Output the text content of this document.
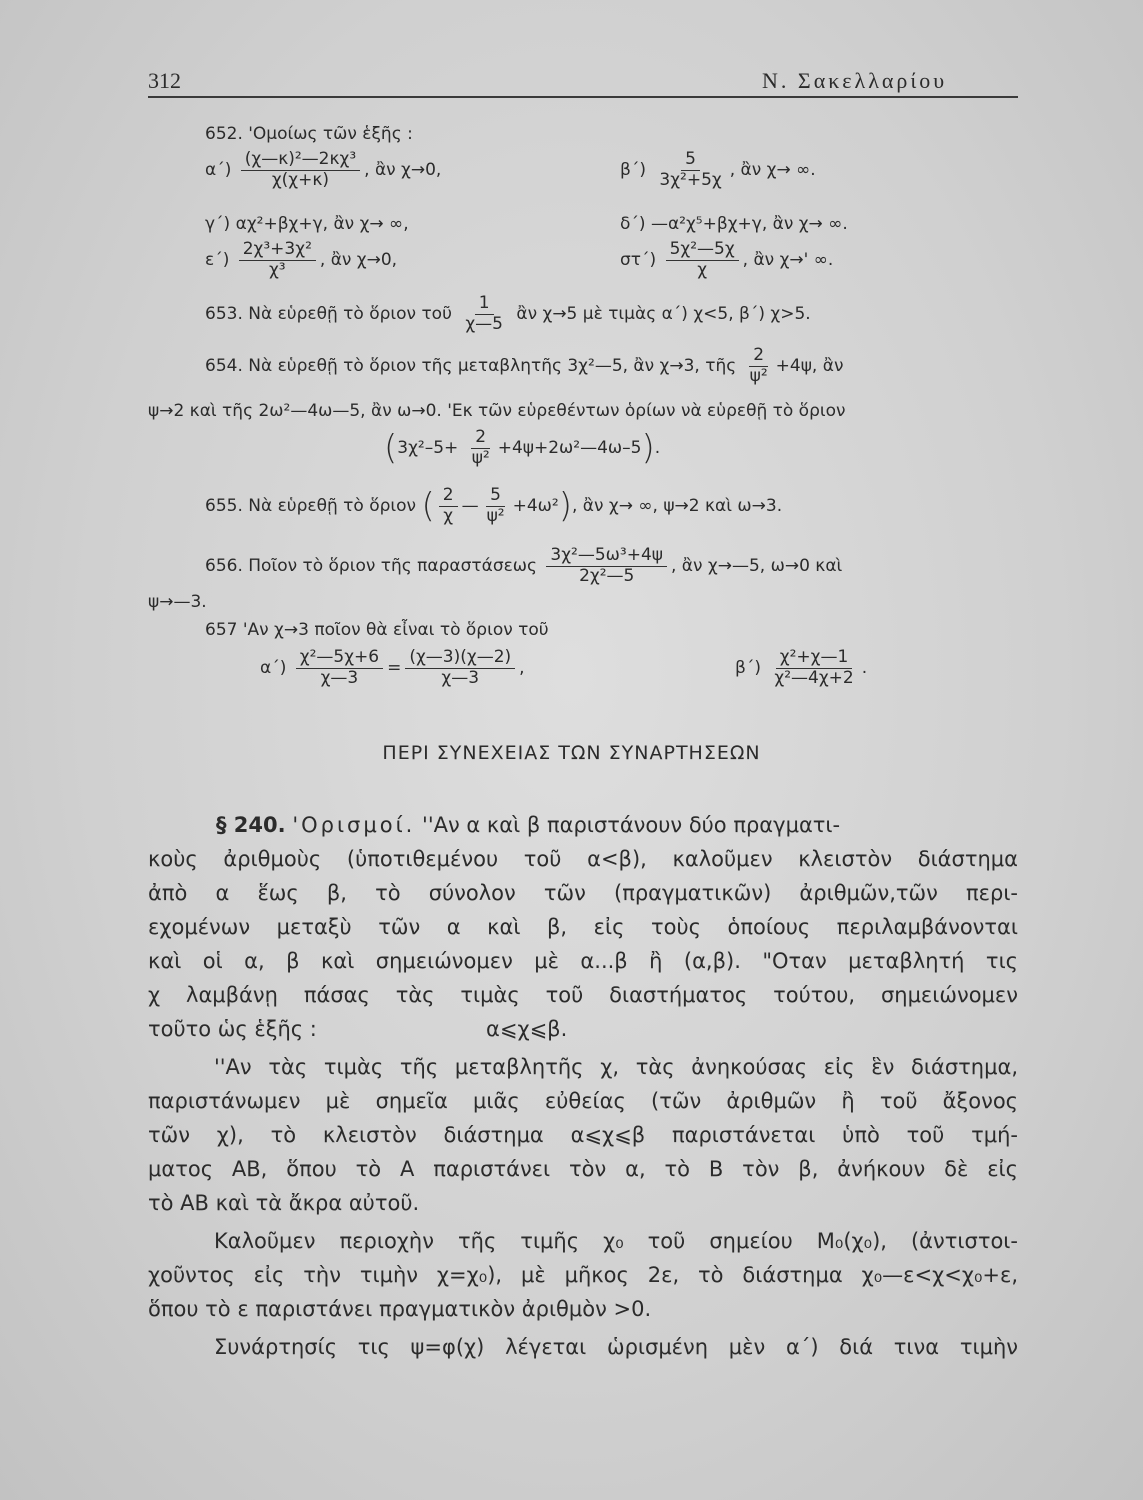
312	Ν. Σακελλαρίου
652. 'Ομοίως τῶν ἑξῆς :
$\alpha΄) \frac{\text{(χ—κ)²—2κχ³}}{\chi(\chi+\kappa)}$ , ἂν χ→0,	$\beta΄) \frac{5}{\text{3χ²+5χ}}$ , ἂν χ→ ∞.
γ΄) αχ²+βχ+γ, ἂν χ→ ∞,	δ΄) —α²χ⁵+βχ+γ, ἂν χ→ ∞.
$\varepsilon΄) \frac{\text{2χ³+3χ²}}{\text{χ³}}$ , ἂν χ→0,	$\sigma\tau΄) \frac{\text{5χ²—5χ}}{\chi}$ , ἂν χ→' ∞.
653. Νὰ εὑρεθῇ τὸ ὅριον τοῦ $\frac{1}{\chi—5}$ ἂν χ→5 μὲ τιμὰς α΄) χ<5, β΄) χ>5.
654. Νὰ εὑρεθῇ τὸ ὅριον τῆς μεταβλητῆς 3χ²—5, ἂν χ→3, τῆς $\frac{2}{\text{ψ²}} +4\psi$, ἂν
ψ→2 καὶ τῆς 2ω²—4ω—5, ἂν ω→0. 'Εκ τῶν εὑρεθέντων ὁρίων νὰ εὑρεθῇ τὸ ὅριον
($3\chi^2-5+ \frac{2}{\text{ψ²}}$ +4ψ+2ω²—4ω–5).
655. Νὰ εὑρεθῇ τὸ ὅριον ( $\frac{2}{\chi}$ — $\frac{5}{\text{ψ²}} +4\omega^2$), ἂν χ→ ∞, ψ→2 καὶ ω→3.
656. Ποῖον τὸ ὅριον τῆς παραστάσεως $\frac{\text{3χ²—5ω³+4ψ}}{\text{2χ²—5}}$ , ἂν χ→—5, ω→0 καὶ
ψ→—3.
657 'Αν χ→3 ποῖον θὰ εἶναι τὸ ὅριον τοῦ
$\alpha΄) \frac{\text{χ²—5χ+6}}{\chi—3} = \frac{(\chi—3)(\chi—2)}{\chi—3}$ ,	$\beta΄) \frac{\text{χ²+χ—1}}{\text{χ²—4χ+2}}$ .
ΠΕΡΙ ΣΥΝΕΧΕΙΑΣ ΤΩΝ ΣΥΝΑΡΤΗΣΕΩΝ
§ 240. 'Ορισμοί. ''Αν α καὶ β παριστάνουν δύο πραγματι-
κοὺς ἀριθμοὺς (ὑποτιθεμένου τοῦ α<β), καλοῦμεν κλειστὸν διάστημα
ἀπὸ α ἕως β, τὸ σύνολον τῶν (πραγματικῶν) ἀριθμῶν,τῶν περι-
εχομένων μεταξὺ τῶν α καὶ β, εἰς τοὺς ὁποίους περιλαμβάνονται
καὶ οἱ α, β καὶ σημειώνομεν μὲ α...β ἢ (α,β). "Οταν μεταβλητή τις
χ λαμβάνῃ πάσας τὰς τιμὰς τοῦ διαστήματος τούτου, σημειώνομεν
τοῦτο ὡς ἑξῆς :	α⩽χ⩽β.
''Αν τὰς τιμὰς τῆς μεταβλητῆς χ, τὰς ἀνηκούσας εἰς ἓν διάστημα,
παριστάνωμεν μὲ σημεῖα μιᾶς εὐθείας (τῶν ἀριθμῶν ἢ τοῦ ἄξονος
τῶν χ), τὸ κλειστὸν διάστημα α⩽χ⩽β παριστάνεται ὑπὸ τοῦ τμή-
ματος ΑΒ, ὅπου τὸ Α παριστάνει τὸν α, τὸ Β τὸν β, ἀνήκουν δὲ εἰς
τὸ ΑΒ καὶ τὰ ἄκρα αὐτοῦ.
Καλοῦμεν περιοχὴν τῆς τιμῆς χ₀ τοῦ σημείου Μ₀(χ₀), (ἀντιστοι-
χοῦντος εἰς τὴν τιμὴν χ=χ₀), μὲ μῆκος 2ε, τὸ διάστημα χ₀—ε<χ<χ₀+ε,
ὅπου τὸ ε παριστάνει πραγματικὸν ἀριθμὸν >0.
Συνάρτησίς τις ψ=φ(χ) λέγεται ὡρισμένη μὲν α΄) διά τινα τιμὴν
